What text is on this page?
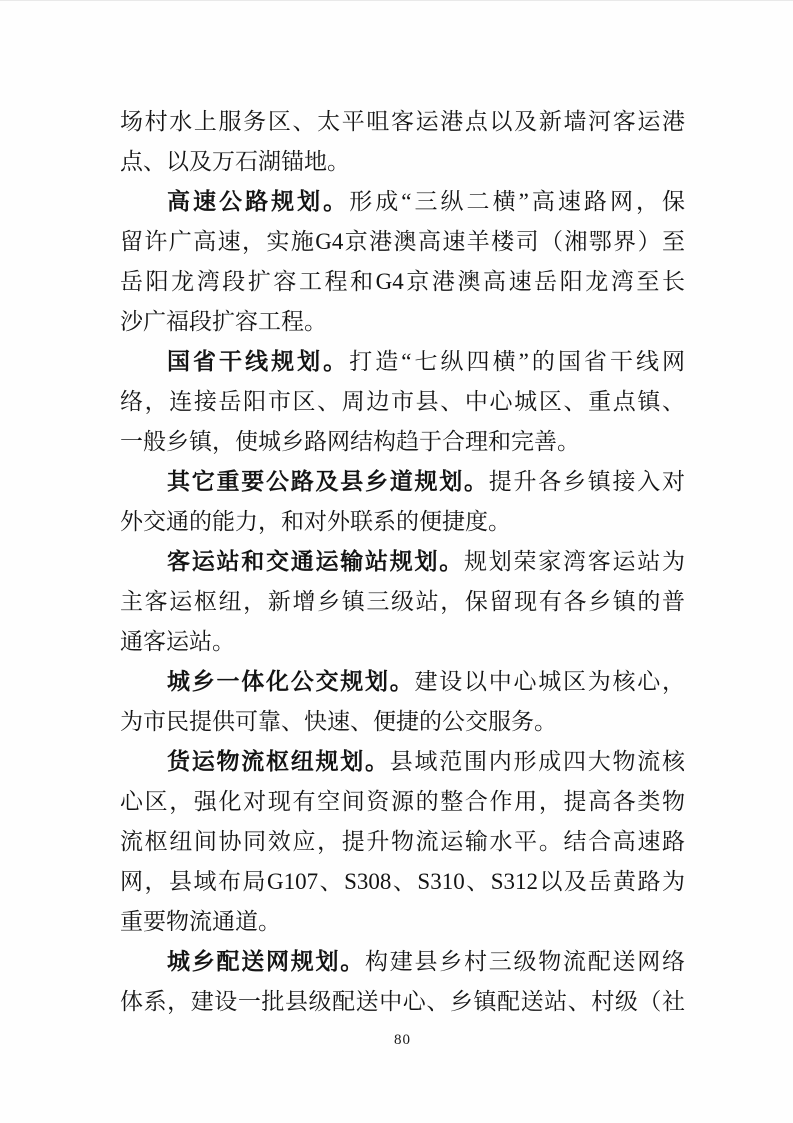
场村水上服务区、太平咀客运港点以及新墙河客运港
点、以及万石湖锚地。
高速公路规划。形成“三纵二横”高速路网，保
留许广高速，实施G4京港澳高速羊楼司（湘鄂界）至
岳阳龙湾段扩容工程和G4京港澳高速岳阳龙湾至长
沙广福段扩容工程。
国省干线规划。打造“七纵四横”的国省干线网
络，连接岳阳市区、周边市县、中心城区、重点镇、
一般乡镇，使城乡路网结构趋于合理和完善。
其它重要公路及县乡道规划。提升各乡镇接入对
外交通的能力，和对外联系的便捷度。
客运站和交通运输站规划。规划荣家湾客运站为
主客运枢纽，新增乡镇三级站，保留现有各乡镇的普
通客运站。
城乡一体化公交规划。建设以中心城区为核心，
为市民提供可靠、快速、便捷的公交服务。
货运物流枢纽规划。县域范围内形成四大物流核
心区，强化对现有空间资源的整合作用，提高各类物
流枢纽间协同效应，提升物流运输水平。结合高速路
网，县域布局G107、S308、S310、S312以及岳黄路为
重要物流通道。
城乡配送网规划。构建县乡村三级物流配送网络
体系，建设一批县级配送中心、乡镇配送站、村级（社
80
